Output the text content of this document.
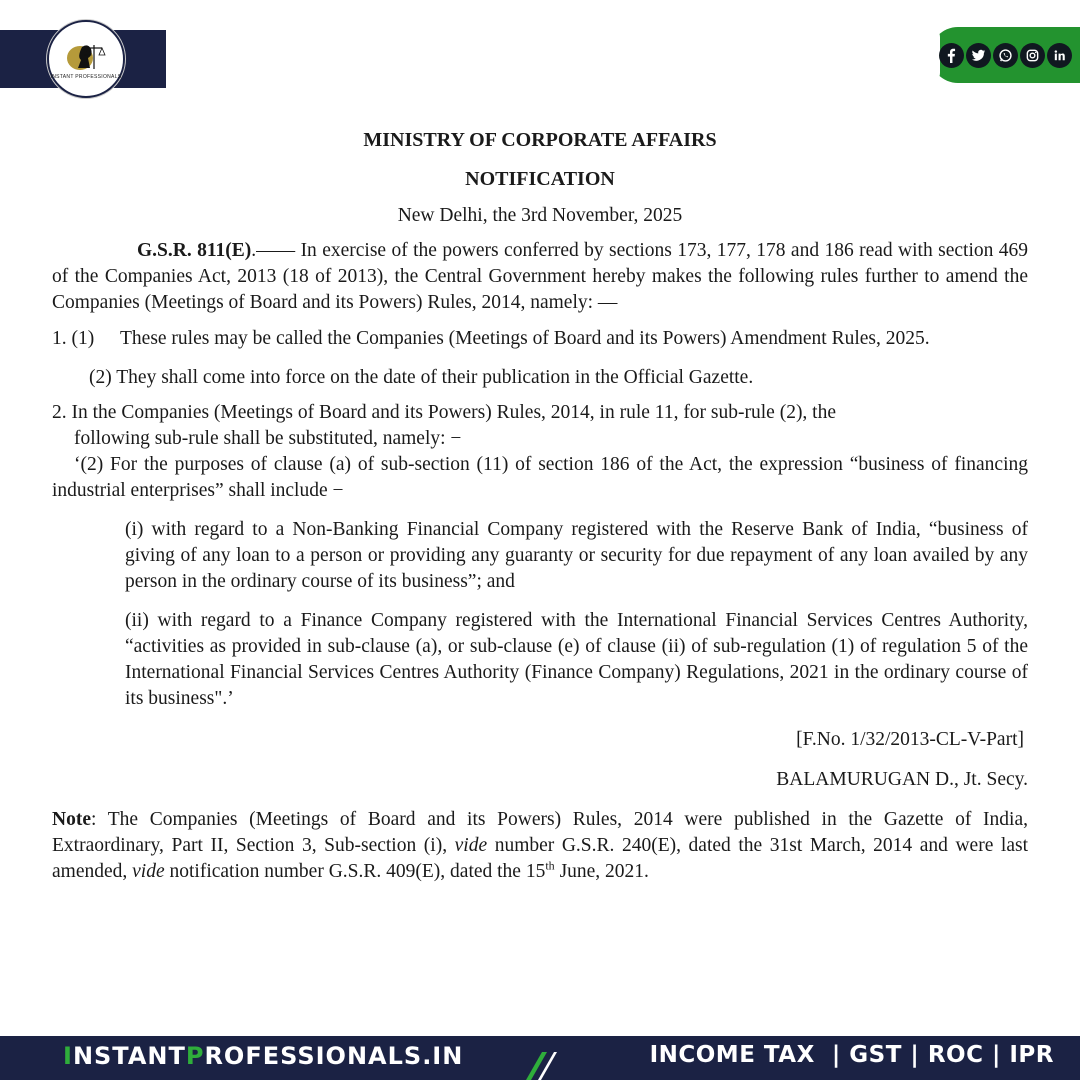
INSTANT PROFESSIONALS
MINISTRY OF CORPORATE AFFAIRS
NOTIFICATION
New Delhi, the 3rd November, 2025
G.S.R. 811(E).—— In exercise of the powers conferred by sections 173, 177, 178 and 186 read with section 469 of the Companies Act, 2013 (18 of 2013), the Central Government hereby makes the following rules further to amend the Companies (Meetings of Board and its Powers) Rules, 2014, namely: —
1. (1) These rules may be called the Companies (Meetings of Board and its Powers) Amendment Rules, 2025.
(2) They shall come into force on the date of their publication in the Official Gazette.
2. In the Companies (Meetings of Board and its Powers) Rules, 2014, in rule 11, for sub-rule (2), the
following sub-rule shall be substituted, namely: −
‘(2) For the purposes of clause (a) of sub-section (11) of section 186 of the Act, the expression “business of financing industrial enterprises” shall include −
(i) with regard to a Non-Banking Financial Company registered with the Reserve Bank of India, “business of giving of any loan to a person or providing any guaranty or security for due repayment of any loan availed by any person in the ordinary course of its business”; and
(ii) with regard to a Finance Company registered with the International Financial Services Centres Authority, “activities as provided in sub-clause (a), or sub-clause (e) of clause (ii) of sub-regulation (1) of regulation 5 of the International Financial Services Centres Authority (Finance Company) Regulations, 2021 in the ordinary course of its business".’
[F.No. 1/32/2013-CL-V-Part]
BALAMURUGAN D., Jt. Secy.
Note: The Companies (Meetings of Board and its Powers) Rules, 2014 were published in the Gazette of India, Extraordinary, Part II, Section 3, Sub-section (i), vide number G.S.R. 240(E), dated the 31st March, 2014 and were last amended, vide notification number G.S.R. 409(E), dated the 15th June, 2021.
INSTANTPROFESSIONALS.IN	INCOME TAX  | GST | ROC | IPR
